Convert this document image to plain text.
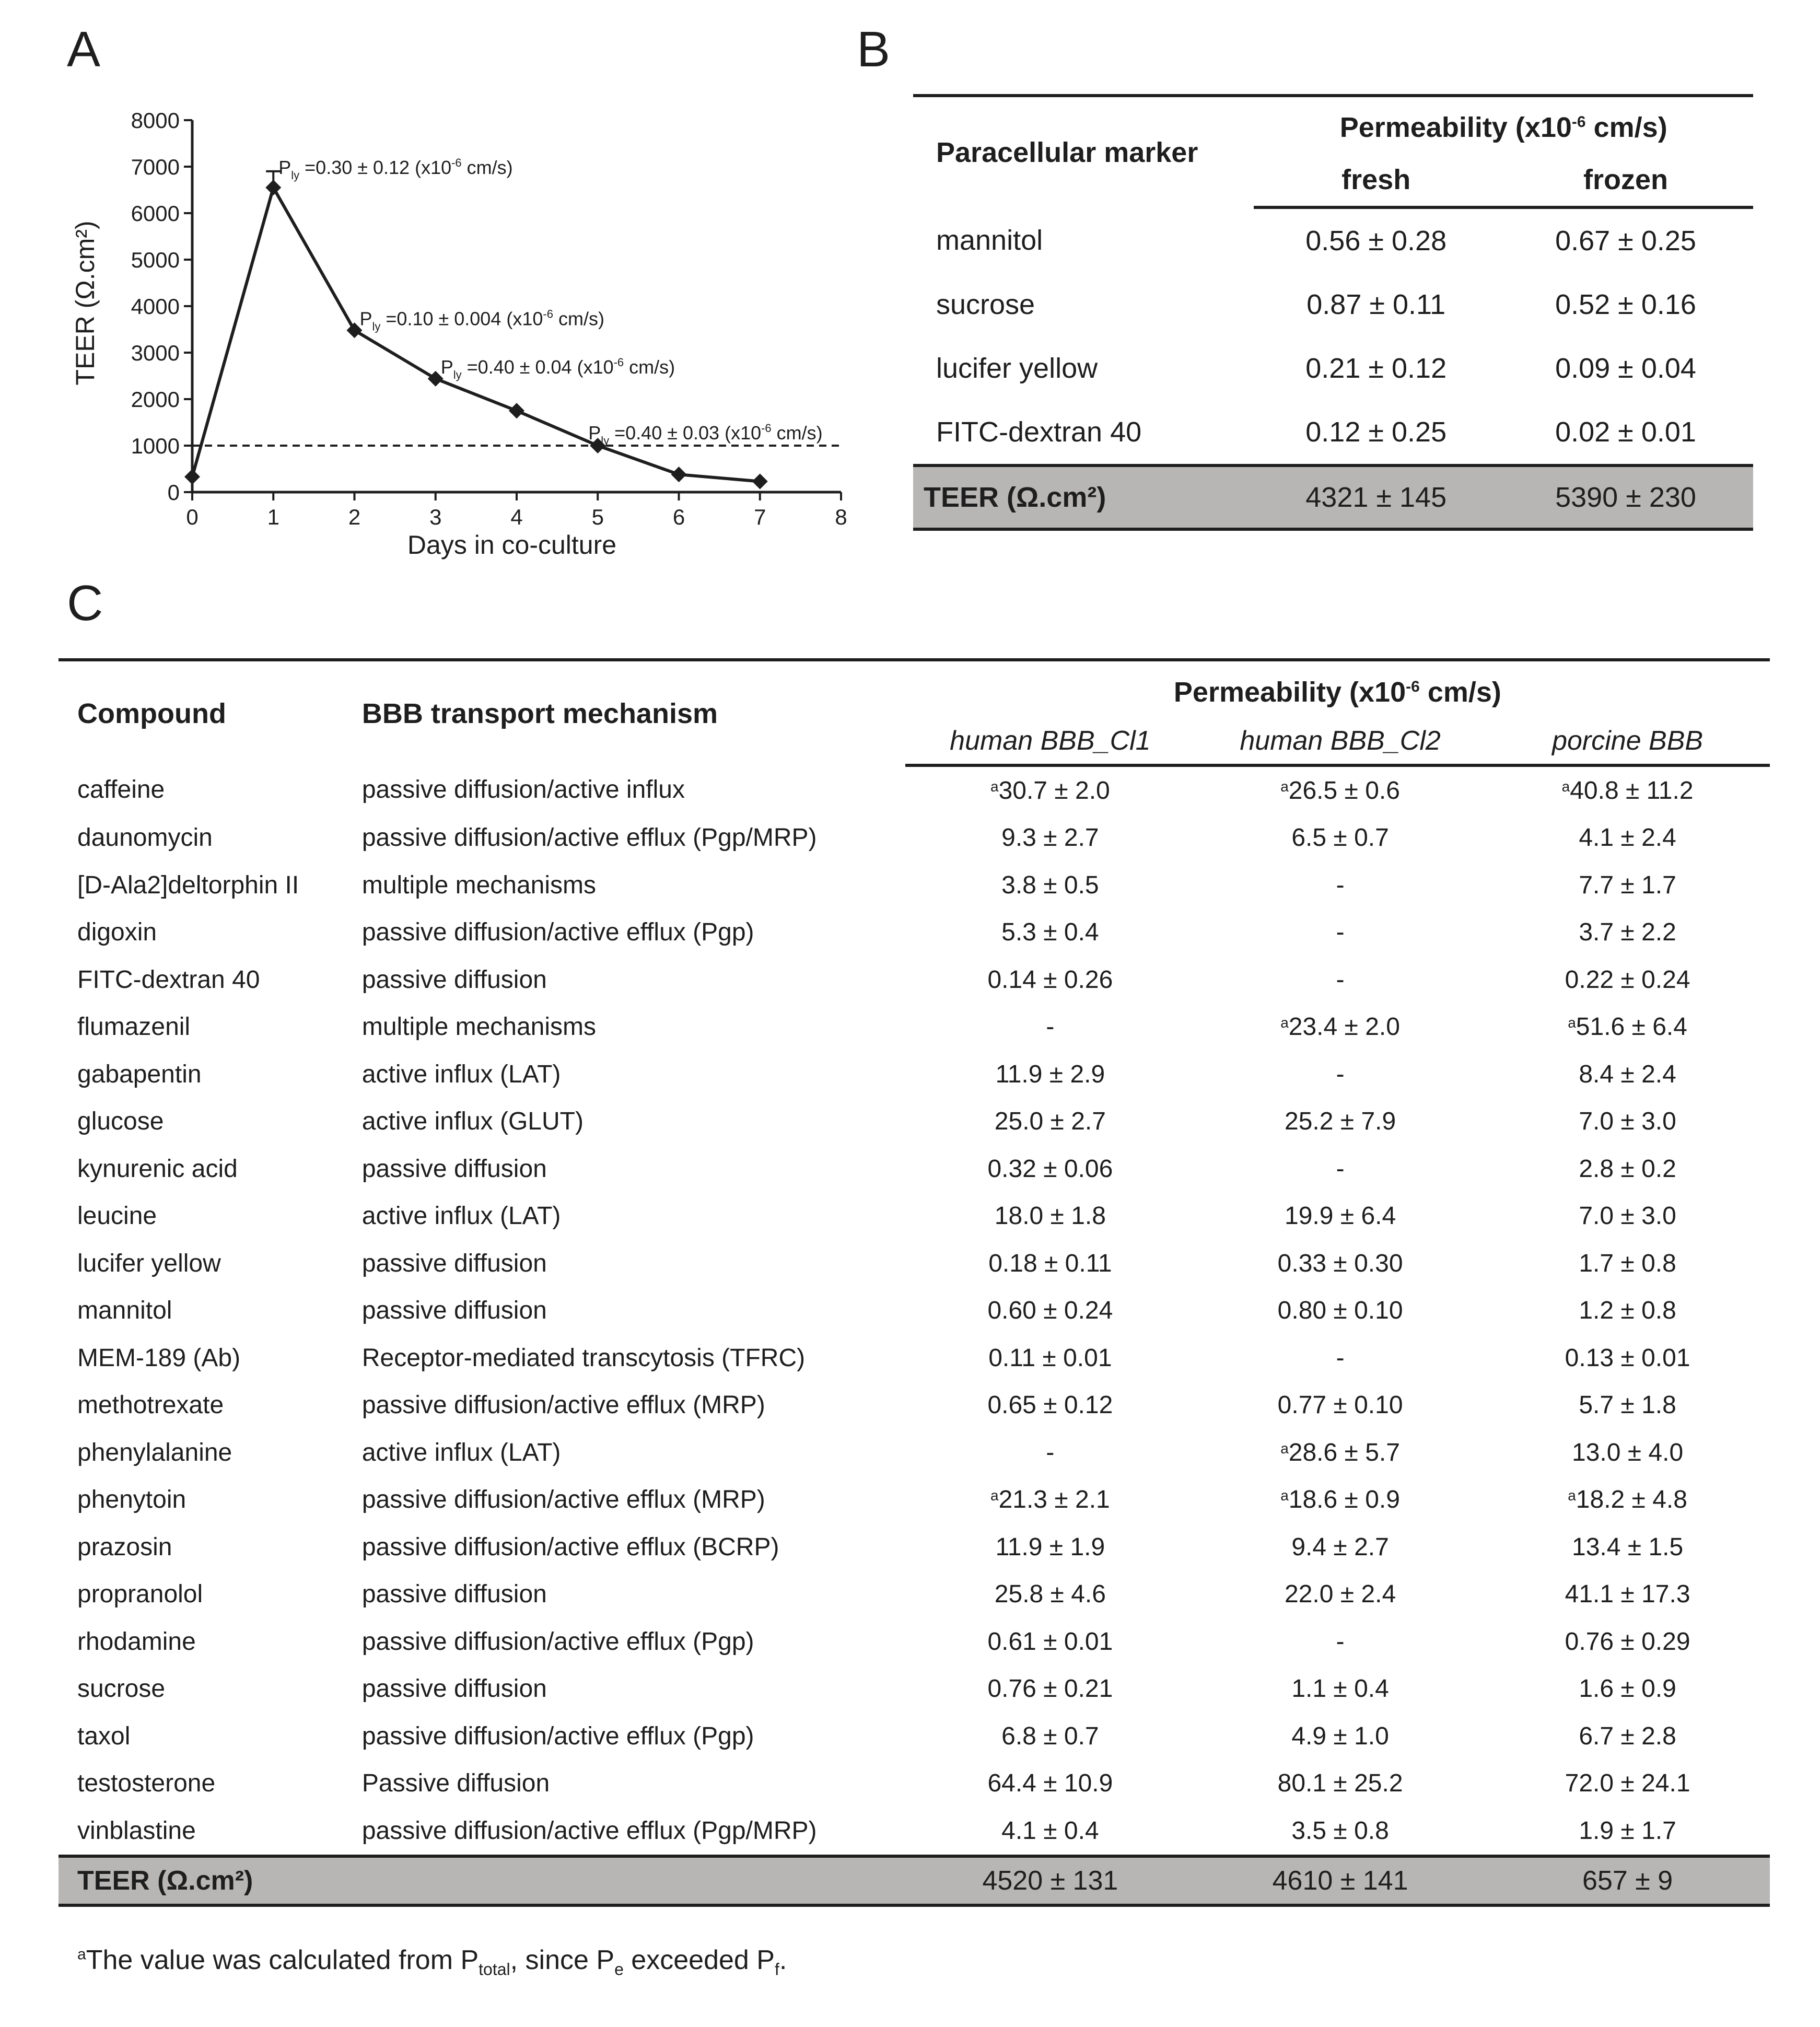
A	B
C
0
1000
2000
3000
4000
5000
6000
7000
8000
0	1	2	3	4	5	6	7	8
$P_{ly} =0.30 \pm 0.12$ ($x10^{-6}$ cm/s)
$P_{ly} =0.10 \pm 0.004$ ($x10^{-6}$ cm/s)
$P_{ly} =0.40 \pm 0.04$ ($x10^{-6}$ cm/s)
$P_{ly} =0.40 \pm 0.03$ ($x10^{-6}$ cm/s)
Days in co-culture
TEER (Ω.cm²)
Paracellular marker	Permeability ($x10^{-6}$ cm/s)	
	fresh	frozen
mannitol	0.56 ± 0.28	0.67 ± 0.25
sucrose	0.87 ± 0.11	0.52 ± 0.16
lucifer yellow	0.21 ± 0.12	0.09 ± 0.04
FITC-dextran 40	0.12 ± 0.25	0.02 ± 0.01
TEER (Ω.cm²)	4321 ± 145	5390 ± 230
Compound	BBB transport mechanism	Permeability ($x10^{-6}$ cm/s)		
		human BBB_Cl1	human BBB_Cl2	porcine BBB
caffeine	passive diffusion/active influx	$^a$30.7 ± 2.0	$^a$26.5 ± 0.6	$^a$40.8 ± 11.2
daunomycin	passive diffusion/active efflux (Pgp/MRP)	9.3 ± 2.7	6.5 ± 0.7	4.1 ± 2.4
[D-Ala2]deltorphin II	multiple mechanisms	3.8 ± 0.5	-	7.7 ± 1.7
digoxin	passive diffusion/active efflux (Pgp)	5.3 ± 0.4	-	3.7 ± 2.2
FITC-dextran 40	passive diffusion	0.14 ± 0.26	-	0.22 ± 0.24
flumazenil	multiple mechanisms	-	$^a$23.4 ± 2.0	$^a$51.6 ± 6.4
gabapentin	active influx (LAT)	11.9 ± 2.9	-	8.4 ± 2.4
glucose	active influx (GLUT)	25.0 ± 2.7	25.2 ± 7.9	7.0 ± 3.0
kynurenic acid	passive diffusion	0.32 ± 0.06	-	2.8 ± 0.2
leucine	active influx (LAT)	18.0 ± 1.8	19.9 ± 6.4	7.0 ± 3.0
lucifer yellow	passive diffusion	0.18 ± 0.11	0.33 ± 0.30	1.7 ± 0.8
mannitol	passive diffusion	0.60 ± 0.24	0.80 ± 0.10	1.2 ± 0.8
MEM-189 (Ab)	Receptor-mediated transcytosis (TFRC)	0.11 ± 0.01	-	0.13 ± 0.01
methotrexate	passive diffusion/active efflux (MRP)	0.65 ± 0.12	0.77 ± 0.10	5.7 ± 1.8
phenylalanine	active influx (LAT)	-	$^a$28.6 ± 5.7	13.0 ± 4.0
phenytoin	passive diffusion/active efflux (MRP)	$^a$21.3 ± 2.1	$^a$18.6 ± 0.9	$^a$18.2 ± 4.8
prazosin	passive diffusion/active efflux (BCRP)	11.9 ± 1.9	9.4 ± 2.7	13.4 ± 1.5
propranolol	passive diffusion	25.8 ± 4.6	22.0 ± 2.4	41.1 ± 17.3
rhodamine	passive diffusion/active efflux (Pgp)	0.61 ± 0.01	-	0.76 ± 0.29
sucrose	passive diffusion	0.76 ± 0.21	1.1 ± 0.4	1.6 ± 0.9
taxol	passive diffusion/active efflux (Pgp)	6.8 ± 0.7	4.9 ± 1.0	6.7 ± 2.8
testosterone	Passive diffusion	64.4 ± 10.9	80.1 ± 25.2	72.0 ± 24.1
vinblastine	passive diffusion/active efflux (Pgp/MRP)	4.1 ± 0.4	3.5 ± 0.8	1.9 ± 1.7
TEER (Ω.cm²)		4520 ± 131	4610 ± 141	657 ± 9
$^a$The value was calculated from $P_{total}$, since $P_e$ exceeded $P_f$.
